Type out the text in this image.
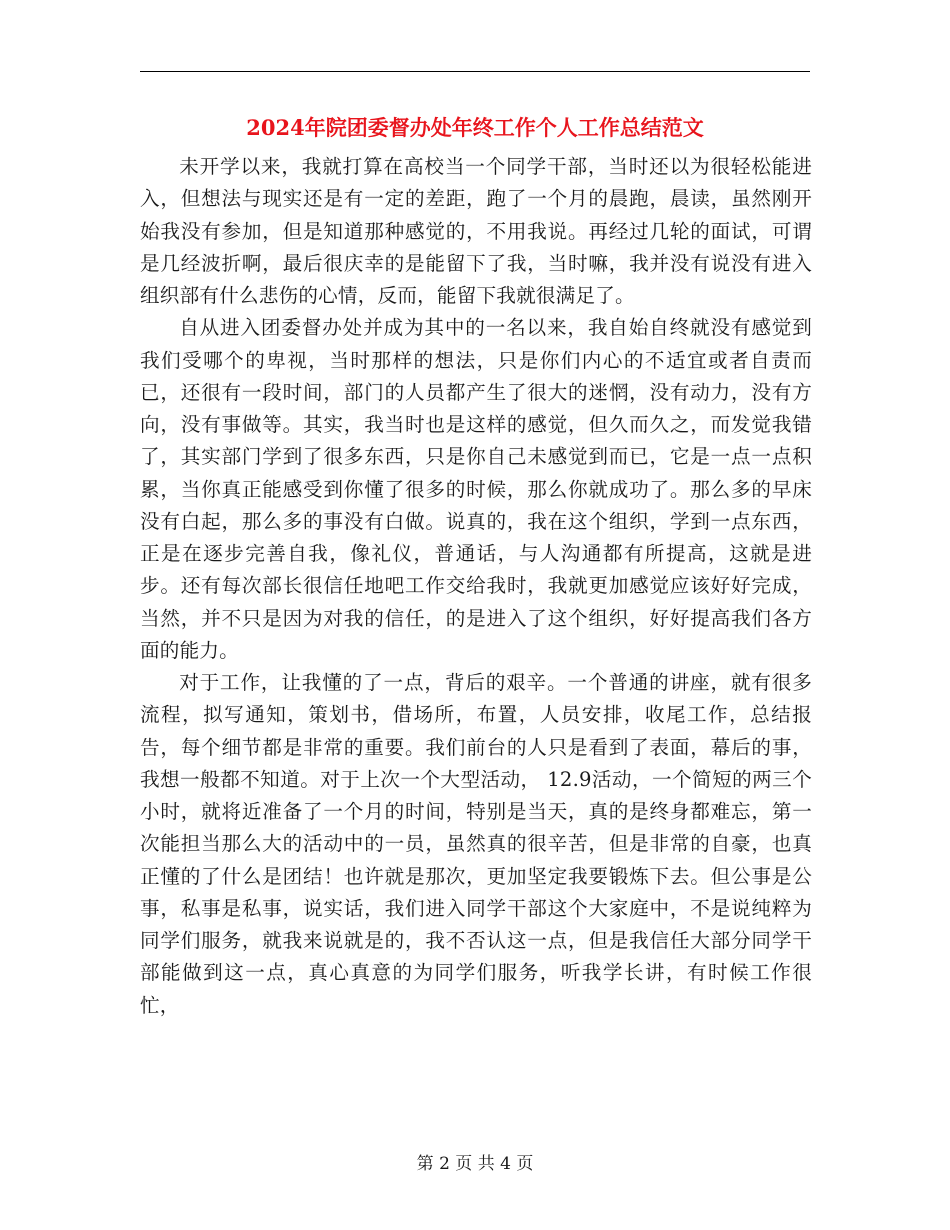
2024年院团委督办处年终工作个人工作总结范文

未开学以来，我就打算在高校当一个同学干部，当时还以为很轻松能进入，但想法与现实还是有一定的差距，跑了一个月的晨跑，晨读，虽然刚开始我没有参加，但是知道那种感觉的，不用我说。再经过几轮的面试，可谓是几经波折啊，最后很庆幸的是能留下了我，当时嘛，我并没有说没有进入组织部有什么悲伤的心情，反而，能留下我就很满足了。

自从进入团委督办处并成为其中的一名以来，我自始自终就没有感觉到我们受哪个的卑视，当时那样的想法，只是你们内心的不适宜或者自责而已，还很有一段时间，部门的人员都产生了很大的迷惘，没有动力，没有方向，没有事做等。其实，我当时也是这样的感觉，但久而久之，而发觉我错了，其实部门学到了很多东西，只是你自己未感觉到而已，它是一点一点积累，当你真正能感受到你懂了很多的时候，那么你就成功了。那么多的早床没有白起，那么多的事没有白做。说真的，我在这个组织，学到一点东西，正是在逐步完善自我，像礼仪，普通话，与人沟通都有所提高，这就是进步。还有每次部长很信任地吧工作交给我时，我就更加感觉应该好好完成，当然，并不只是因为对我的信任，的是进入了这个组织，好好提高我们各方面的能力。

对于工作，让我懂的了一点，背后的艰辛。一个普通的讲座，就有很多流程，拟写通知，策划书，借场所，布置，人员安排，收尾工作，总结报告，每个细节都是非常的重要。我们前台的人只是看到了表面，幕后的事，我想一般都不知道。对于上次一个大型活动， 12.9活动，一个简短的两三个小时，就将近准备了一个月的时间，特别是当天，真的是终身都难忘，第一次能担当那么大的活动中的一员，虽然真的很辛苦，但是非常的自豪，也真正懂的了什么是团结！也许就是那次，更加坚定我要锻炼下去。但公事是公事，私事是私事，说实话，我们进入同学干部这个大家庭中，不是说纯粹为同学们服务，就我来说就是的，我不否认这一点，但是我信任大部分同学干部能做到这一点，真心真意的为同学们服务，听我学长讲，有时候工作很忙，

第 2 页 共 4 页
